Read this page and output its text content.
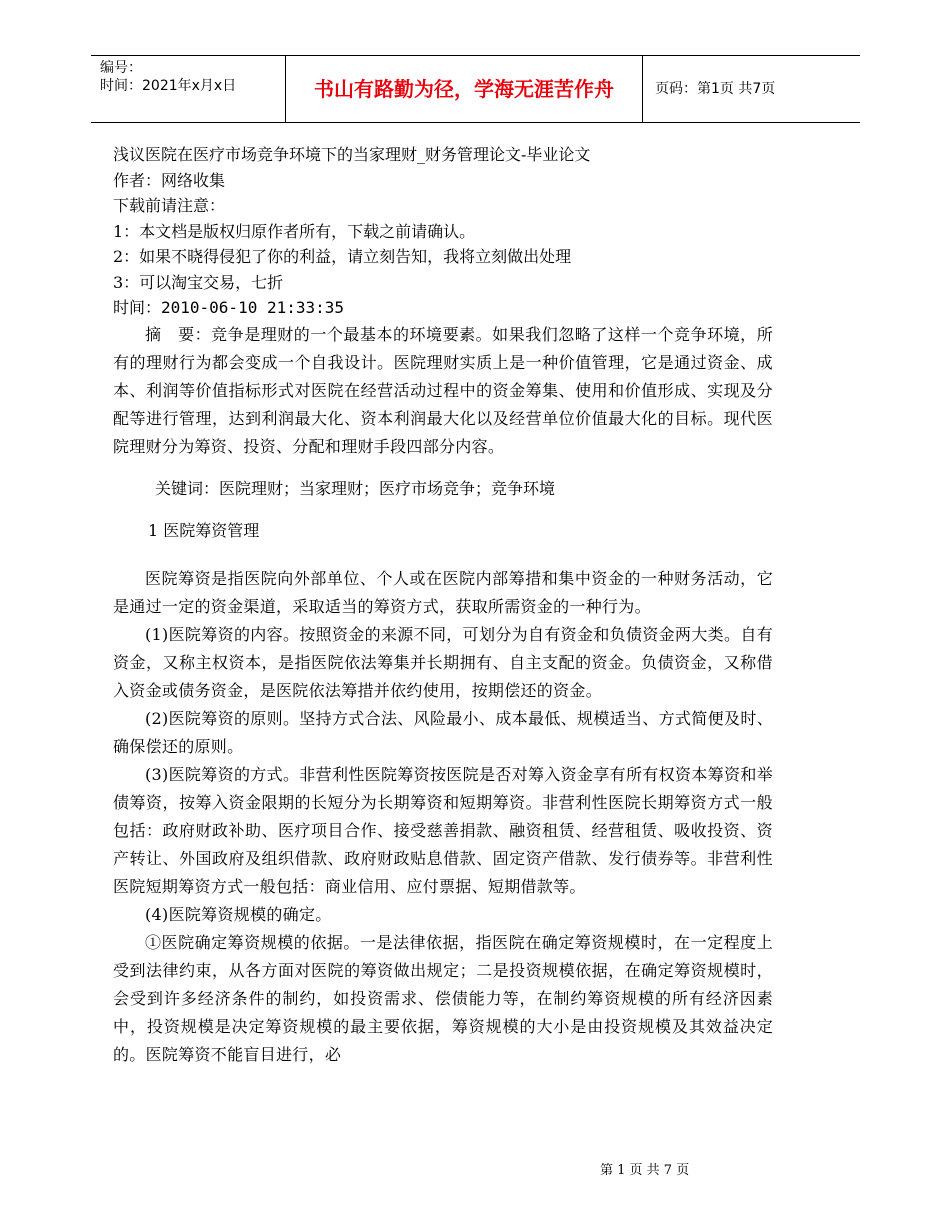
编号：
时间：2021年x月x日	书山有路勤为径，学海无涯苦作舟	页码：第1页 共7页

浅议医院在医疗市场竞争环境下的当家理财_财务管理论文-毕业论文

作者：网络收集

下载前请注意：

1：本文档是版权归原作者所有，下载之前请确认。

2：如果不晓得侵犯了你的利益，请立刻告知，我将立刻做出处理

3：可以淘宝交易，七折

时间：2010-06-10 21:33:35

摘　要：竞争是理财的一个最基本的环境要素。如果我们忽略了这样一个竞争环境，所有的理财行为都会变成一个自我设计。医院理财实质上是一种价值管理，它是通过资金、成本、利润等价值指标形式对医院在经营活动过程中的资金筹集、使用和价值形成、实现及分配等进行管理，达到利润最大化、资本利润最大化以及经营单位价值最大化的目标。现代医院理财分为筹资、投资、分配和理财手段四部分内容。

关键词：医院理财；当家理财；医疗市场竞争；竞争环境

1 医院筹资管理

医院筹资是指医院向外部单位、个人或在医院内部筹措和集中资金的一种财务活动，它是通过一定的资金渠道，采取适当的筹资方式，获取所需资金的一种行为。

(1)医院筹资的内容。按照资金的来源不同，可划分为自有资金和负债资金两大类。自有资金，又称主权资本，是指医院依法筹集并长期拥有、自主支配的资金。负债资金，又称借入资金或债务资金，是医院依法筹措并依约使用，按期偿还的资金。

(2)医院筹资的原则。坚持方式合法、风险最小、成本最低、规模适当、方式简便及时、确保偿还的原则。

(3)医院筹资的方式。非营利性医院筹资按医院是否对筹入资金享有所有权资本筹资和举债筹资，按筹入资金限期的长短分为长期筹资和短期筹资。非营利性医院长期筹资方式一般包括：政府财政补助、医疗项目合作、接受慈善捐款、融资租赁、经营租赁、吸收投资、资产转让、外国政府及组织借款、政府财政贴息借款、固定资产借款、发行债券等。非营利性医院短期筹资方式一般包括：商业信用、应付票据、短期借款等。

(4)医院筹资规模的确定。

①医院确定筹资规模的依据。一是法律依据，指医院在确定筹资规模时，在一定程度上受到法律约束，从各方面对医院的筹资做出规定；二是投资规模依据，在确定筹资规模时，会受到许多经济条件的制约，如投资需求、偿债能力等，在制约筹资规模的所有经济因素中，投资规模是决定筹资规模的最主要依据，筹资规模的大小是由投资规模及其效益决定的。医院筹资不能盲目进行，必

第 1 页 共 7 页
